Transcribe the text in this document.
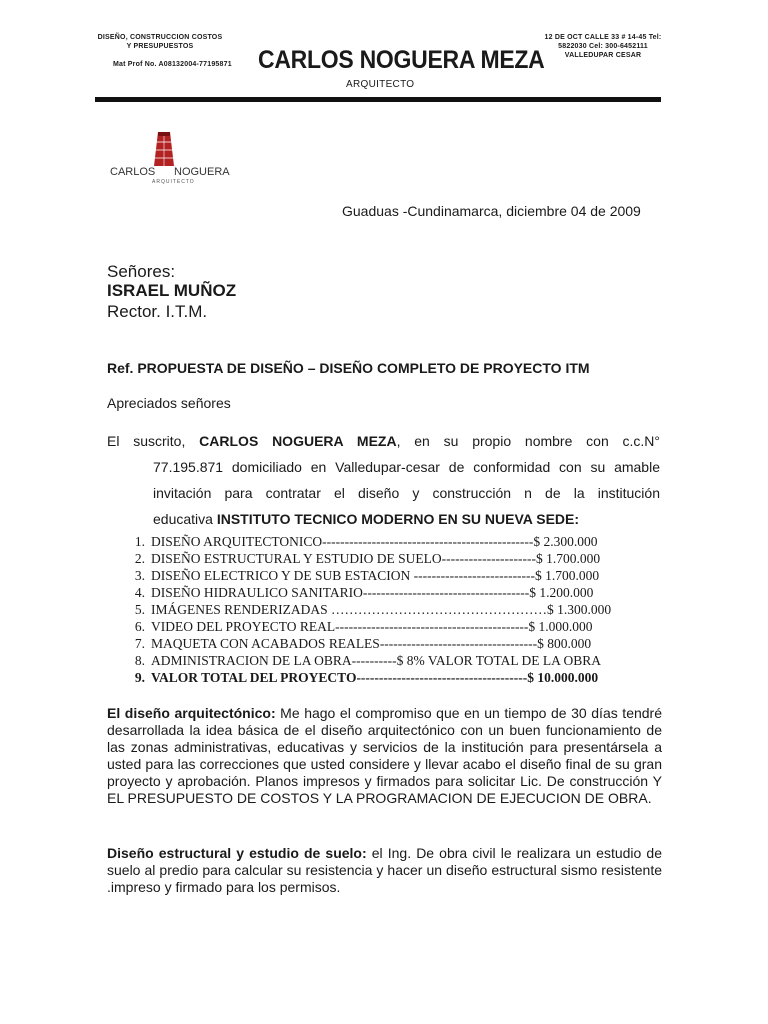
DISEÑO, CONSTRUCCION COSTOS
Y PRESUPUESTOS
Mat Prof No. A08132004-77195871
12 DE OCT CALLE 33 # 14-45 Tel:
5822030 Cel: 300-6452111
VALLEDUPAR CESAR
CARLOS NOGUERA MEZA
ARQUITECTO
CARLOS NOGUERA
ARQUITECTO
Guaduas -Cundinamarca, diciembre 04 de 2009
Señores:
ISRAEL MUÑOZ
Rector. I.T.M.
Ref. PROPUESTA DE DISEÑO – DISEÑO COMPLETO DE PROYECTO ITM
Apreciados señores
El suscrito, CARLOS NOGUERA MEZA, en su propio nombre con c.c.N°
77.195.871 domiciliado en Valledupar-cesar de conformidad con su amable
invitación para contratar el diseño y construcción n de la institución
educativa INSTITUTO TECNICO MODERNO EN SU NUEVA SEDE:
1. DISEÑO ARQUITECTONICO-----------------------------------------------$ 2.300.000
2. DISEÑO ESTRUCTURAL Y ESTUDIO DE SUELO---------------------$ 1.700.000
3. DISEÑO ELECTRICO Y DE SUB ESTACION ---------------------------$ 1.700.000
4. DISEÑO HIDRAULICO SANITARIO-------------------------------------$ 1.200.000
5. IMÁGENES RENDERIZADAS …………………………………………$ 1.300.000
6. VIDEO DEL PROYECTO REAL-------------------------------------------$ 1.000.000
7. MAQUETA CON ACABADOS REALES-----------------------------------$ 800.000
8. ADMINISTRACION DE LA OBRA----------$ 8% VALOR TOTAL DE LA OBRA
9. VALOR TOTAL DEL PROYECTO--------------------------------------$ 10.000.000
El diseño arquitectónico: Me hago el compromiso que en un tiempo de 30 días tendré desarrollada la idea básica de el diseño arquitectónico con un buen funcionamiento de las zonas administrativas, educativas y servicios de la institución para presentársela a usted para las correcciones que usted considere y llevar acabo el diseño final de su gran proyecto y aprobación. Planos impresos y firmados para solicitar Lic. De construcción Y EL PRESUPUESTO DE COSTOS Y LA PROGRAMACION DE EJECUCION DE OBRA.
Diseño estructural y estudio de suelo: el Ing. De obra civil le realizara un estudio de suelo al predio para calcular su resistencia y hacer un diseño estructural sismo resistente .impreso y firmado para los permisos.
